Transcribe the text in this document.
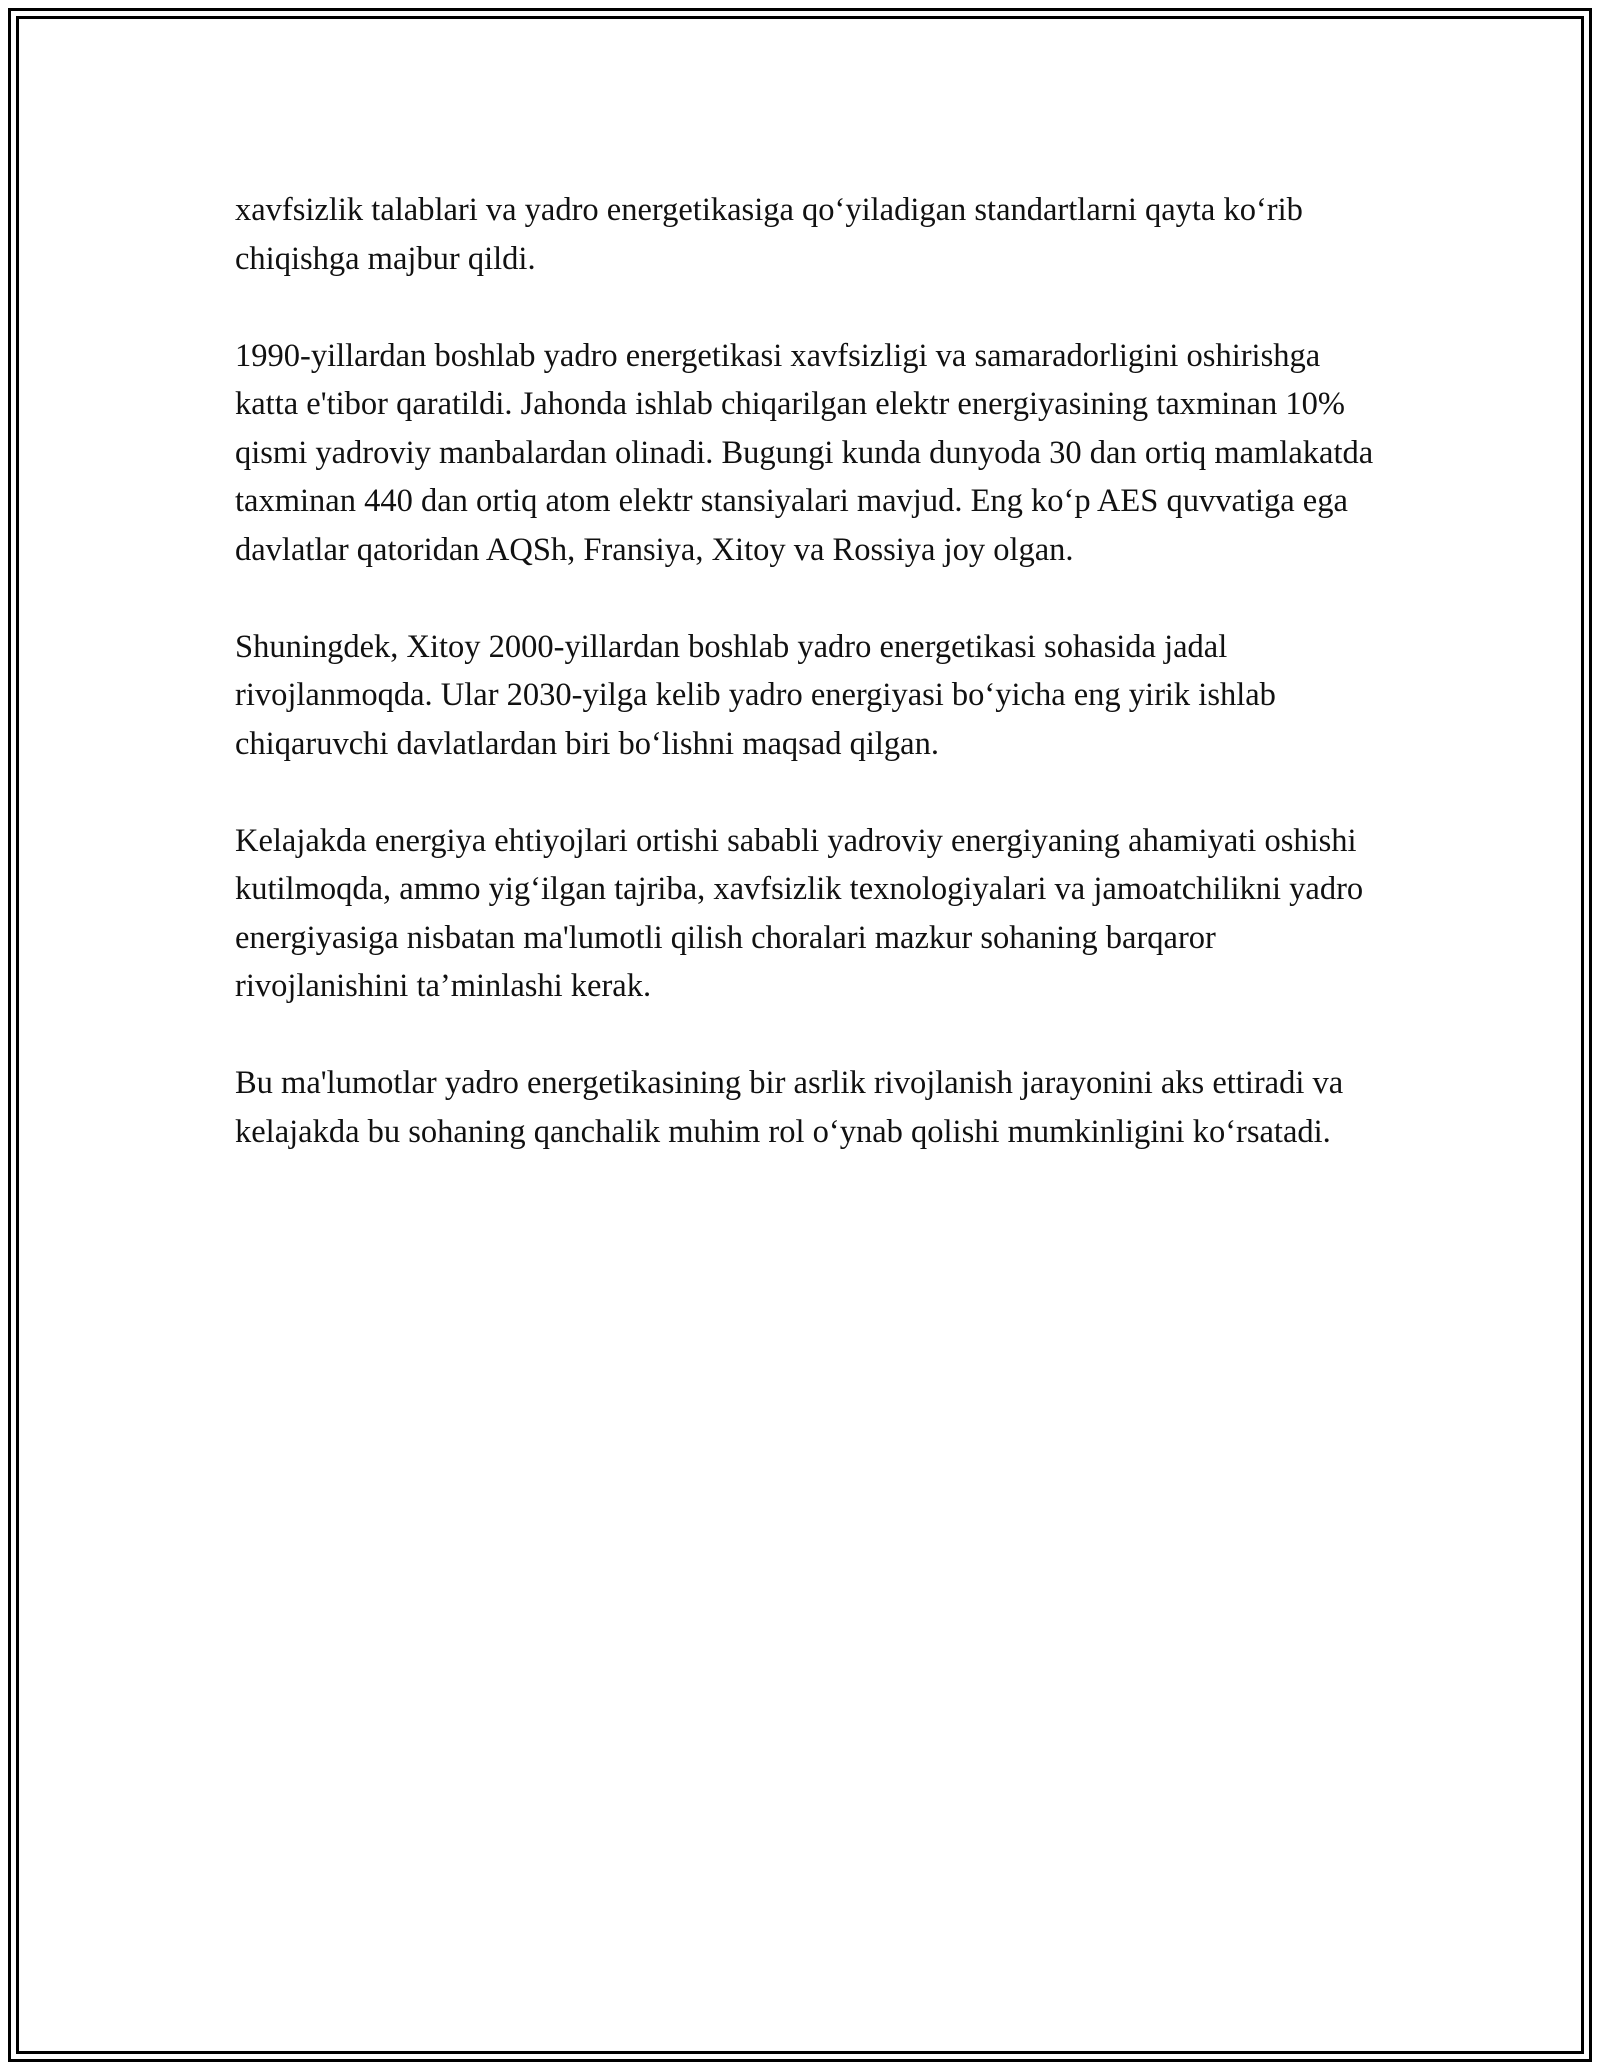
xavfsizlik talablari va yadro energetikasiga qo‘yiladigan standartlarni qayta ko‘rib chiqishga majbur qildi.

1990-yillardan boshlab yadro energetikasi xavfsizligi va samaradorligini oshirishga katta e'tibor qaratildi. Jahonda ishlab chiqarilgan elektr energiyasining taxminan 10% qismi yadroviy manbalardan olinadi. Bugungi kunda dunyoda 30 dan ortiq mamlakatda taxminan 440 dan ortiq atom elektr stansiyalari mavjud. Eng ko‘p AES quvvatiga ega davlatlar qatoridan AQSh, Fransiya, Xitoy va Rossiya joy olgan.

Shuningdek, Xitoy 2000-yillardan boshlab yadro energetikasi sohasida jadal rivojlanmoqda. Ular 2030-yilga kelib yadro energiyasi bo‘yicha eng yirik ishlab chiqaruvchi davlatlardan biri bo‘lishni maqsad qilgan.

Kelajakda energiya ehtiyojlari ortishi sababli yadroviy energiyaning ahamiyati oshishi kutilmoqda, ammo yig‘ilgan tajriba, xavfsizlik texnologiyalari va jamoatchilikni yadro energiyasiga nisbatan ma'lumotli qilish choralari mazkur sohaning barqaror rivojlanishini ta’minlashi kerak.

Bu ma'lumotlar yadro energetikasining bir asrlik rivojlanish jarayonini aks ettiradi va kelajakda bu sohaning qanchalik muhim rol o‘ynab qolishi mumkinligini ko‘rsatadi.
